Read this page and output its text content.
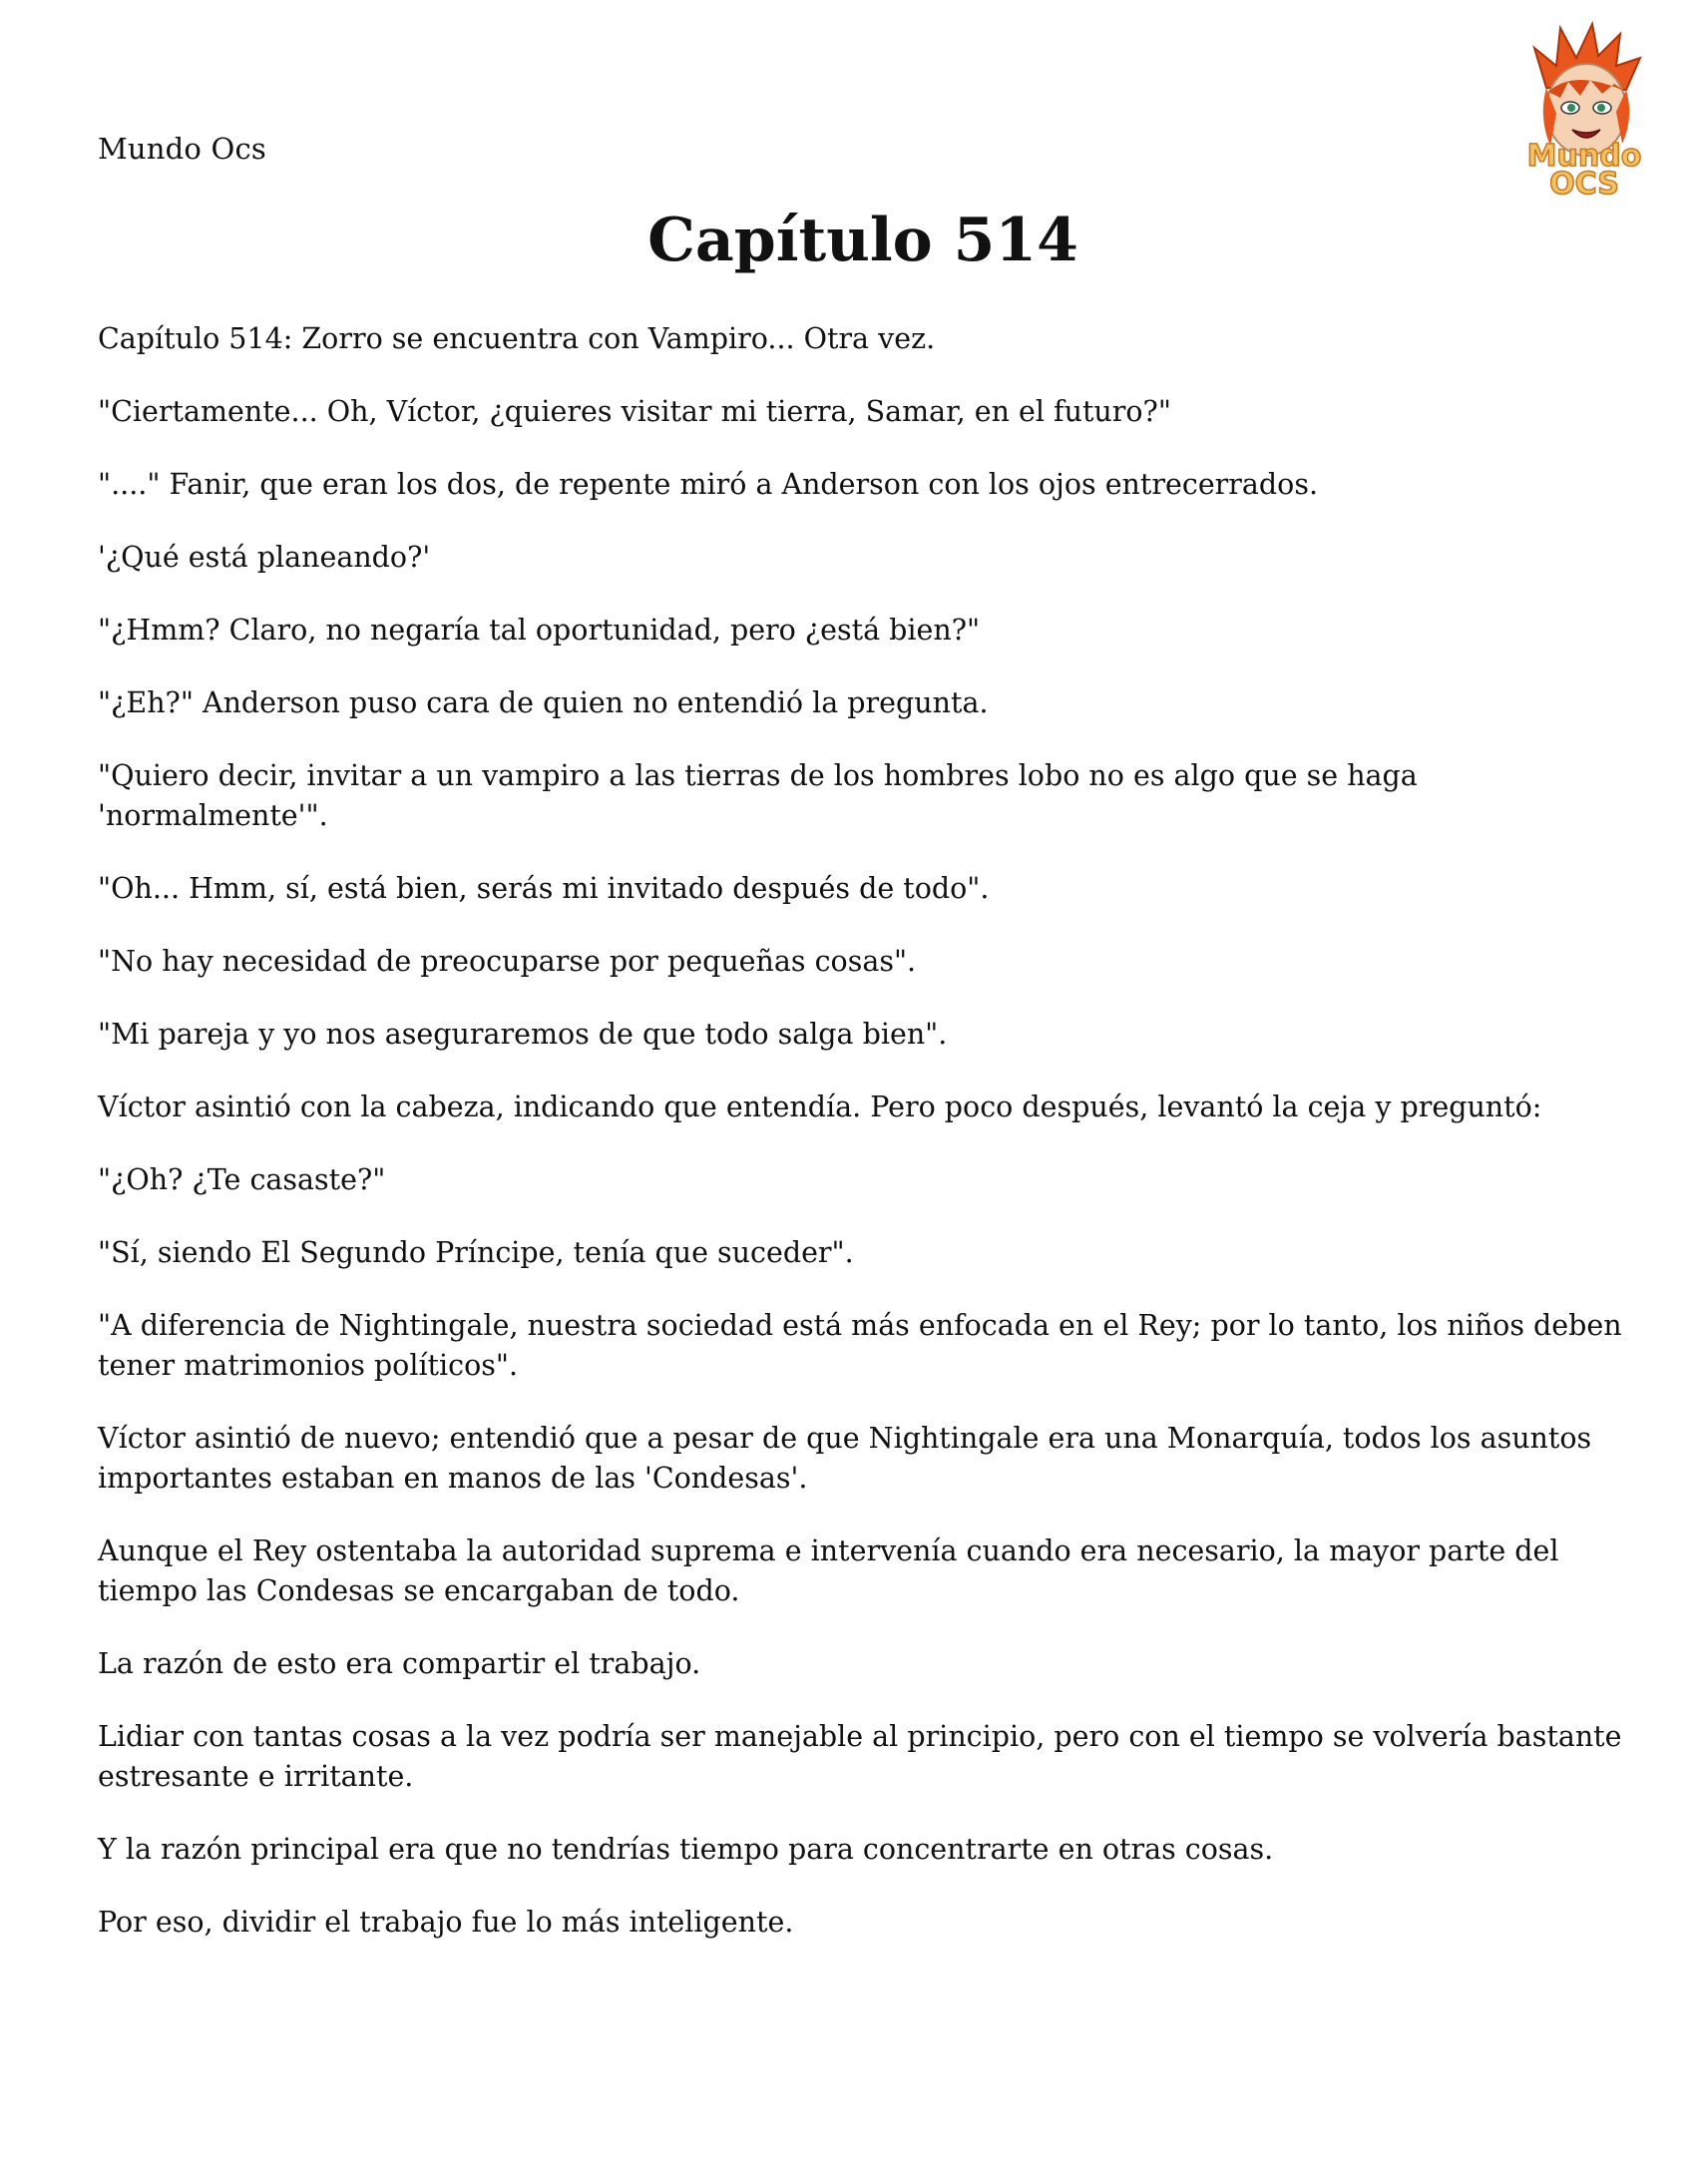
Mundo Ocs	Mundo
OCS
Capítulo 514

Capítulo 514: Zorro se encuentra con Vampiro... Otra vez.

"Ciertamente... Oh, Víctor, ¿quieres visitar mi tierra, Samar, en el futuro?"

"...." Fanir, que eran los dos, de repente miró a Anderson con los ojos entrecerrados.

'¿Qué está planeando?'

"¿Hmm? Claro, no negaría tal oportunidad, pero ¿está bien?"

"¿Eh?" Anderson puso cara de quien no entendió la pregunta.

"Quiero decir, invitar a un vampiro a las tierras de los hombres lobo no es algo que se haga 'normalmente'".

"Oh... Hmm, sí, está bien, serás mi invitado después de todo".

"No hay necesidad de preocuparse por pequeñas cosas".

"Mi pareja y yo nos aseguraremos de que todo salga bien".

Víctor asintió con la cabeza, indicando que entendía. Pero poco después, levantó la ceja y preguntó:

"¿Oh? ¿Te casaste?"

"Sí, siendo El Segundo Príncipe, tenía que suceder".

"A diferencia de Nightingale, nuestra sociedad está más enfocada en el Rey; por lo tanto, los niños deben tener matrimonios políticos".

Víctor asintió de nuevo; entendió que a pesar de que Nightingale era una Monarquía, todos los asuntos importantes estaban en manos de las 'Condesas'.

Aunque el Rey ostentaba la autoridad suprema e intervenía cuando era necesario, la mayor parte del tiempo las Condesas se encargaban de todo.

La razón de esto era compartir el trabajo.

Lidiar con tantas cosas a la vez podría ser manejable al principio, pero con el tiempo se volvería bastante estresante e irritante.

Y la razón principal era que no tendrías tiempo para concentrarte en otras cosas.

Por eso, dividir el trabajo fue lo más inteligente.
